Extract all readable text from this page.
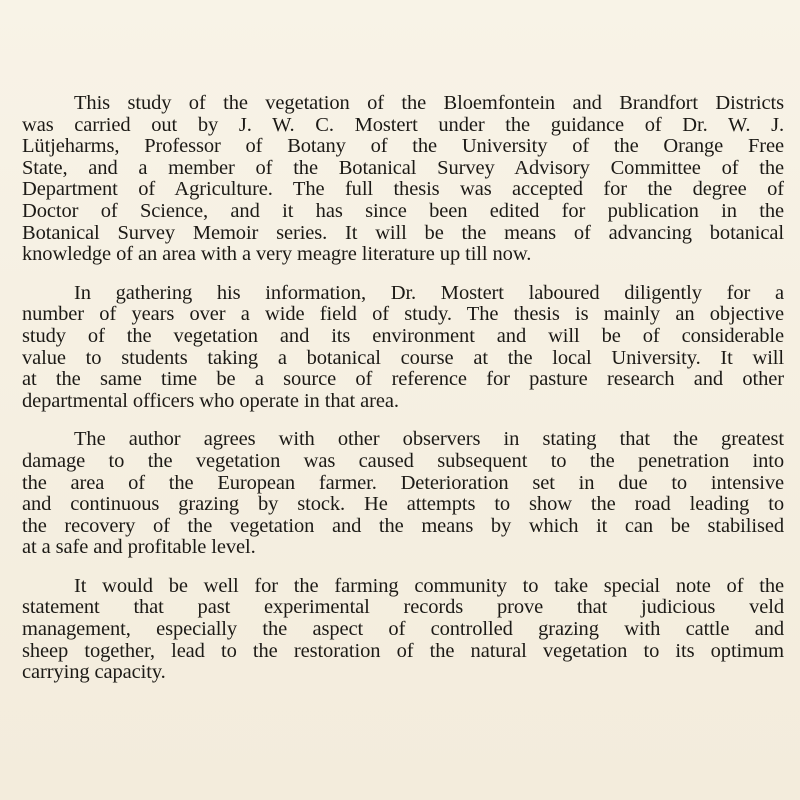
This study of the vegetation of the Bloemfontein and Brandfort Districts
was carried out by J. W. C. Mostert under the guidance of Dr. W. J.
Lütjeharms, Professor of Botany of the University of the Orange Free
State, and a member of the Botanical Survey Advisory Committee of the
Department of Agriculture. The full thesis was accepted for the degree of
Doctor of Science, and it has since been edited for publication in the
Botanical Survey Memoir series. It will be the means of advancing botanical
knowledge of an area with a very meagre literature up till now.

In gathering his information, Dr. Mostert laboured diligently for a
number of years over a wide field of study. The thesis is mainly an objective
study of the vegetation and its environment and will be of considerable
value to students taking a botanical course at the local University. It will
at the same time be a source of reference for pasture research and other
departmental officers who operate in that area.

The author agrees with other observers in stating that the greatest
damage to the vegetation was caused subsequent to the penetration into
the area of the European farmer. Deterioration set in due to intensive
and continuous grazing by stock. He attempts to show the road leading to
the recovery of the vegetation and the means by which it can be stabilised
at a safe and profitable level.

It would be well for the farming community to take special note of the
statement that past experimental records prove that judicious veld
management, especially the aspect of controlled grazing with cattle and
sheep together, lead to the restoration of the natural vegetation to its optimum
carrying capacity.
